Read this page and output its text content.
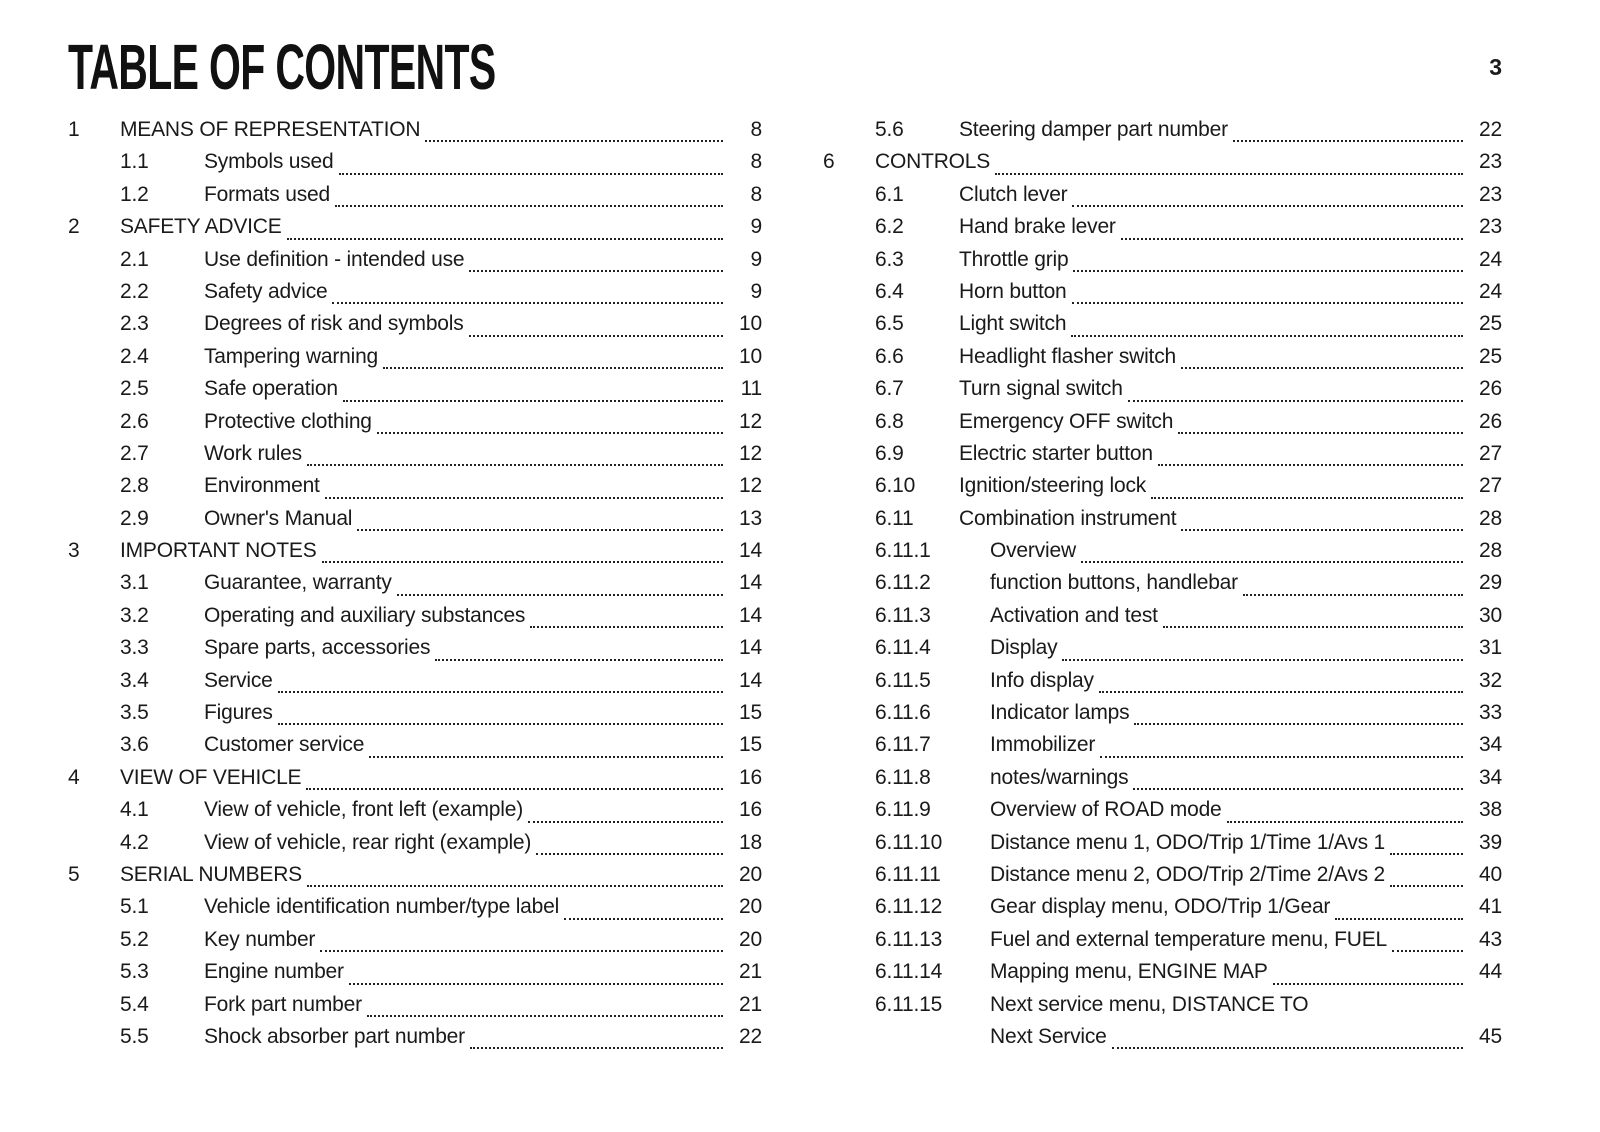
TABLE OF CONTENTS	3
1	MEANS OF REPRESENTATION	8
1.1	Symbols used	8
1.2	Formats used	8
2	SAFETY ADVICE	9
2.1	Use definition - intended use	9
2.2	Safety advice	9
2.3	Degrees of risk and symbols	10
2.4	Tampering warning	10
2.5	Safe operation	11
2.6	Protective clothing	12
2.7	Work rules	12
2.8	Environment	12
2.9	Owner's Manual	13
3	IMPORTANT NOTES	14
3.1	Guarantee, warranty	14
3.2	Operating and auxiliary substances	14
3.3	Spare parts, accessories	14
3.4	Service	14
3.5	Figures	15
3.6	Customer service	15
4	VIEW OF VEHICLE	16
4.1	View of vehicle, front left (example)	16
4.2	View of vehicle, rear right (example)	18
5	SERIAL NUMBERS	20
5.1	Vehicle identification number/type label	20
5.2	Key number	20
5.3	Engine number	21
5.4	Fork part number	21
5.5	Shock absorber part number	22
5.6	Steering damper part number	22
6	CONTROLS	23
6.1	Clutch lever	23
6.2	Hand brake lever	23
6.3	Throttle grip	24
6.4	Horn button	24
6.5	Light switch	25
6.6	Headlight flasher switch	25
6.7	Turn signal switch	26
6.8	Emergency OFF switch	26
6.9	Electric starter button	27
6.10	Ignition/steering lock	27
6.11	Combination instrument	28
6.11.1	Overview	28
6.11.2	function buttons, handlebar	29
6.11.3	Activation and test	30
6.11.4	Display	31
6.11.5	Info display	32
6.11.6	Indicator lamps	33
6.11.7	Immobilizer	34
6.11.8	notes/warnings	34
6.11.9	Overview of ROAD mode	38
6.11.10	Distance menu 1, ODO/Trip 1/Time 1/Avs 1	39
6.11.11	Distance menu 2, ODO/Trip 2/Time 2/Avs 2	40
6.11.12	Gear display menu, ODO/Trip 1/Gear	41
6.11.13	Fuel and external temperature menu, FUEL	43
6.11.14	Mapping menu, ENGINE MAP	44
6.11.15	Next service menu, DISTANCE TO
Next Service	45
